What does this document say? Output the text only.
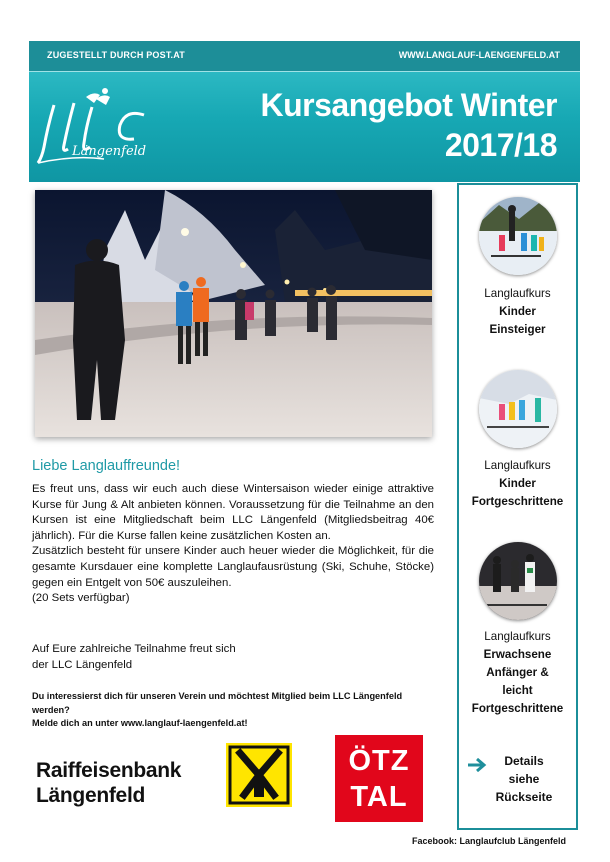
ZUGESTELLT DURCH POST.AT	WWW.LANGLAUF-LAENGENFELD.AT
Längenfeld
Kursangebot Winter
2017/18
Liebe Langlauffreunde!

Es freut uns, dass wir euch auch diese Wintersaison wieder einige attraktive Kurse für Jung & Alt anbieten können. Voraussetzung für die Teilnahme an den Kursen ist eine Mitgliedschaft beim LLC Längenfeld (Mitgliedsbeitrag 40€ jährlich). Für die Kurse fallen keine zusätzlichen Kosten an.

Zusätzlich besteht für unsere Kinder auch heuer wieder die Möglichkeit, für die gesamte Kursdauer eine komplette Langlaufausrüstung (Ski, Schuhe, Stöcke) gegen ein Entgelt von 50€ auszuleihen.

(20 Sets verfügbar)

Auf Eure zahlreiche Teilnahme freut sich
der LLC Längenfeld
Du interessierst dich für unseren Verein und möchtest Mitglied beim LLC Längenfeld werden?
Melde dich an unter www.langlauf-laengenfeld.at!
Raiffeisenbank
Längenfeld
ÖTZ
TAL
Facebook: Langlaufclub Längenfeld
Langlaufkurs
Kinder
Einsteiger
Langlaufkurs
Kinder
Fortgeschrittene
Langlaufkurs
Erwachsene
Anfänger &
leicht
Fortgeschrittene
Details
siehe
Rückseite
